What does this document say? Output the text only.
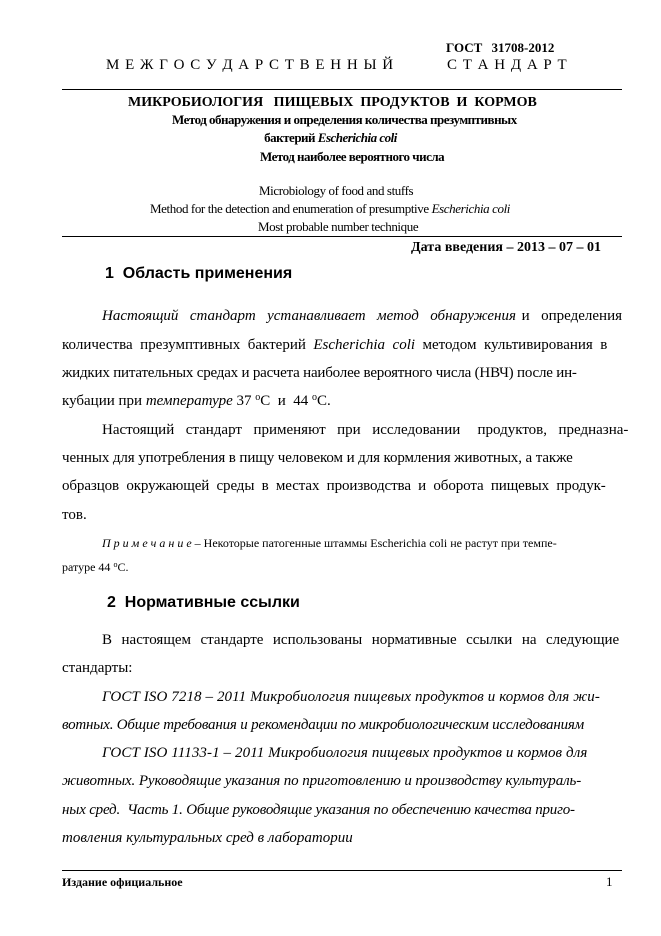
ГОСТ 31708-2012
М Е Ж Г О С У Д А Р С Т В Е Н Н Ы Й	С Т А Н Д А Р Т
МИКРОБИОЛОГИЯ   ПИЩЕВЫХ  ПРОДУКТОВ  И  КОРМОВ
Метод обнаружения и определения количества презумптивных
бактерий Escherichia coli
Метод наиболее вероятного числа
Microbiology of food and stuffs
Method for the detection and enumeration of presumptive Escherichia coli
Most probable number technique
Дата введения – 2013 – 07 – 01
1  Область применения

Настоящий  стандарт  устанавливает  метод  обнаружения и  определения

количества  презумптивных  бактерий  Escherichia  coli  методом  культивирования  в

жидких питательных средах и расчета наиболее вероятного числа (НВЧ) после ин-

кубации при температуре 37 $^o$С  и  44 $^o$С.

Настоящий  стандарт  применяют  при  исследовании   продуктов,  предназна-

ченных для употребления в пищу человеком и для кормления животных, а также

образцов  окружающей  среды  в  местах  производства  и  оборота  пищевых  продук-

тов.

П р и м е ч а н и е – Некоторые патогенные штаммы Escherichia coli не растут при темпе-
ратуре 44 $^o$С.
2  Нормативные ссылки

В  настоящем  стандарте  использованы  нормативные  ссылки  на  следующие

стандарты:

ГОСТ ISO 7218 – 2011 Микробиология пищевых продуктов и кормов для жи-

вотных. Общие требования и рекомендации по микробиологическим исследованиям

ГОСТ ISO 11133-1 – 2011 Микробиология пищевых продуктов и кормов для

животных. Руководящие указания по приготовлению и производству культураль-

ных сред.  Часть 1. Общие руководящие указания по обеспечению качества приго-

товления культуральных сред в лаборатории

Издание официальное	1
